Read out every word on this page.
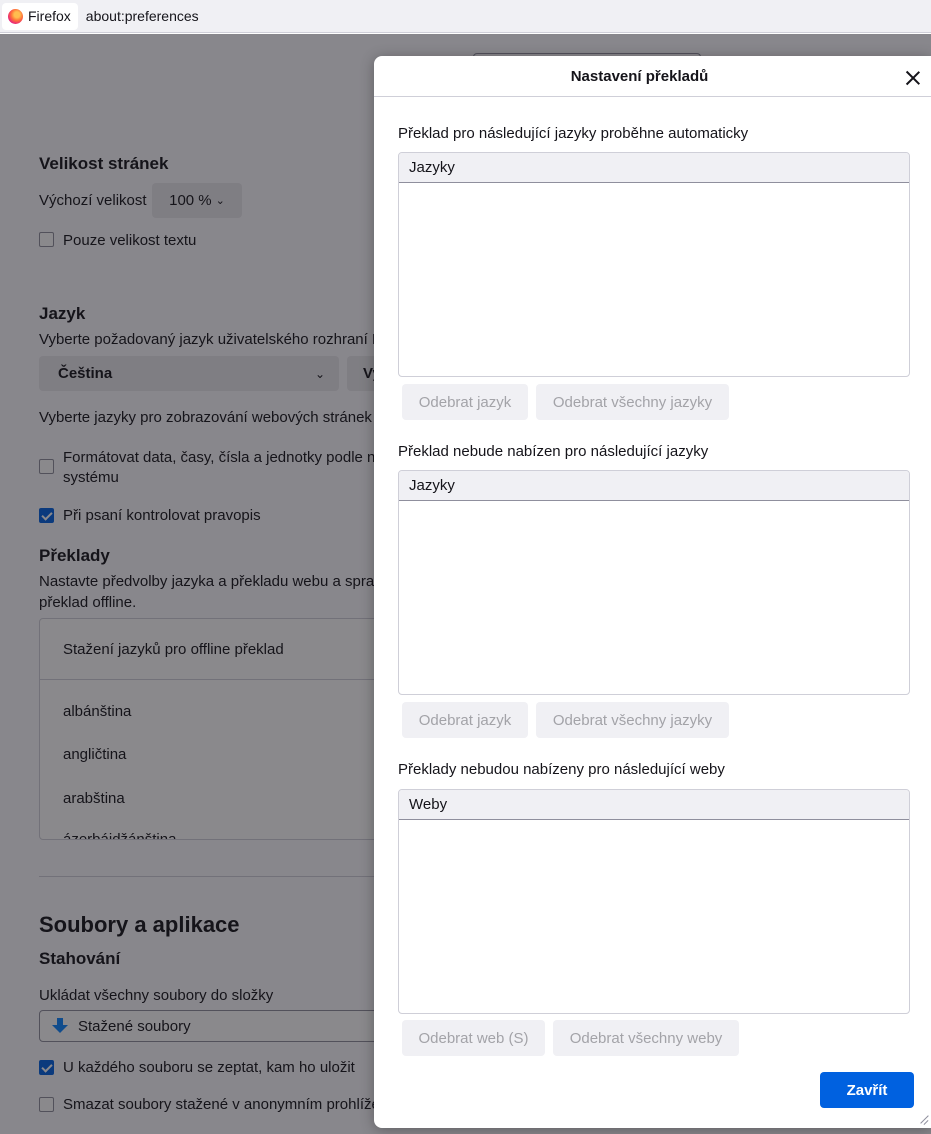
Firefox about:preferences
Nastavení překladů
Překlad pro následující jazyky proběhne automaticky
Jazyky
Odebrat jazyk	Odebrat všechny jazyky
Překlad nebude nabízen pro následující jazyky
Jazyky
Odebrat jazyk	Odebrat všechny jazyky
Překlady nebudou nabízeny pro následující weby
Weby
Odebrat web (S)	Odebrat všechny weby
Zavřít
